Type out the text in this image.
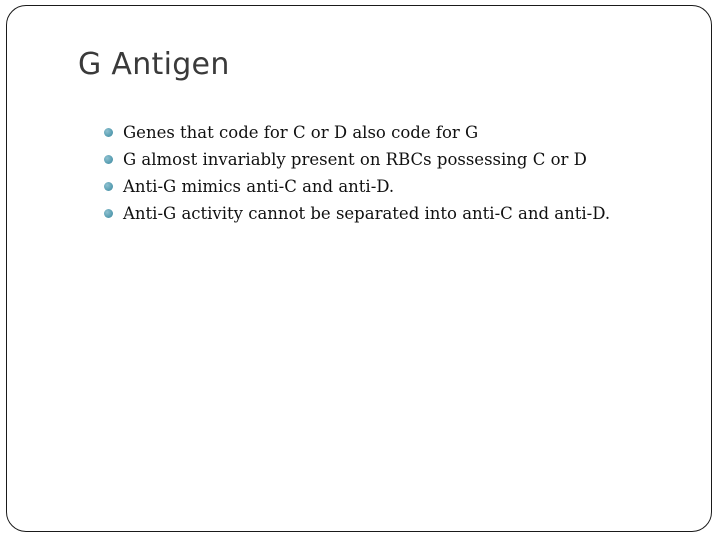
G Antigen
Genes that code for C or D also code for G
G almost invariably present on RBCs possessing C or D
Anti-G mimics anti-C and anti-D.
Anti-G activity cannot be separated into anti-C and anti-D.
